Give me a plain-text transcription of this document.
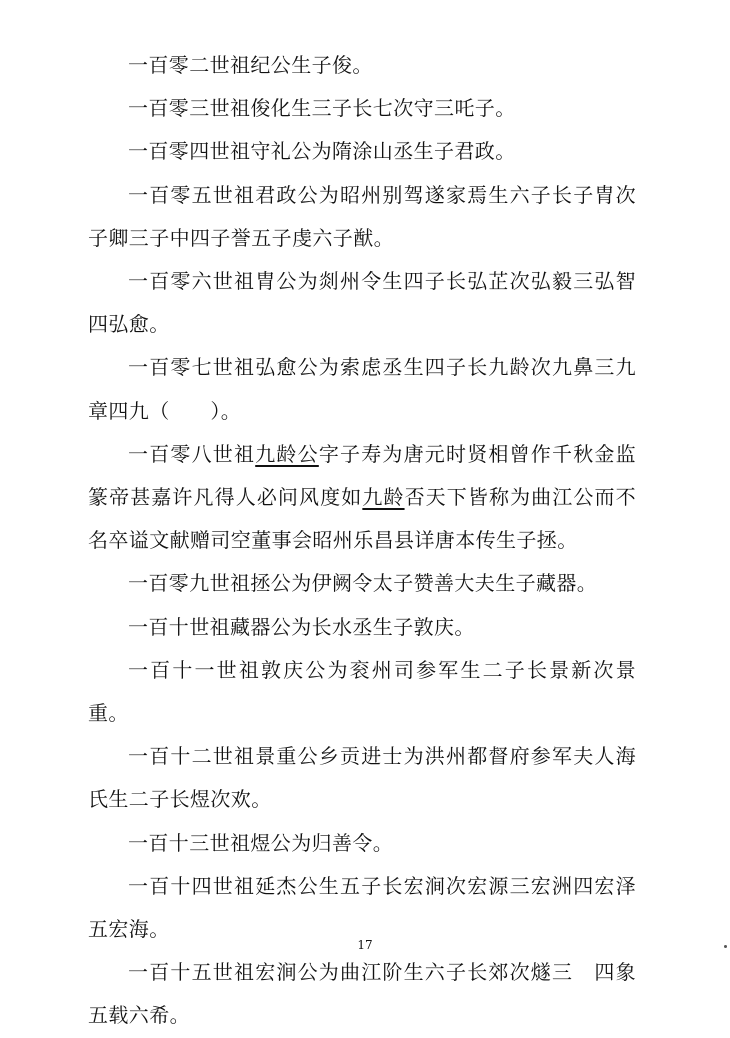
一百零二世祖纪公生子俊。

一百零三世祖俊化生三子长七次守三吒子。

一百零四世祖守礼公为隋涂山丞生子君政。

一百零五世祖君政公为昭州别驾遂家焉生六子长子胄次子卿三子中四子誉五子虔六子猷。

一百零六世祖胄公为剡州令生四子长弘芷次弘毅三弘智四弘愈。

一百零七世祖弘愈公为索虑丞生四子长九龄次九鼻三九章四九（　　）。

一百零八世祖九龄公字子寿为唐元时贤相曾作千秋金监篆帝甚嘉许凡得人必问风度如九龄否天下皆称为曲江公而不名卒谥文献赠司空董事会昭州乐昌县详唐本传生子拯。

一百零九世祖拯公为伊阙令太子赞善大夫生子藏器。

一百十世祖藏器公为长水丞生子敦庆。

一百十一世祖敦庆公为衮州司参军生二子长景新次景重。

一百十二世祖景重公乡贡进士为洪州都督府参军夫人海氏生二子长煜次欢。

一百十三世祖煜公为归善令。

一百十四世祖延杰公生五子长宏涧次宏源三宏洲四宏泽五宏海。

一百十五世祖宏涧公为曲江阶生六子长郊次燧三　四象五载六希。

17
